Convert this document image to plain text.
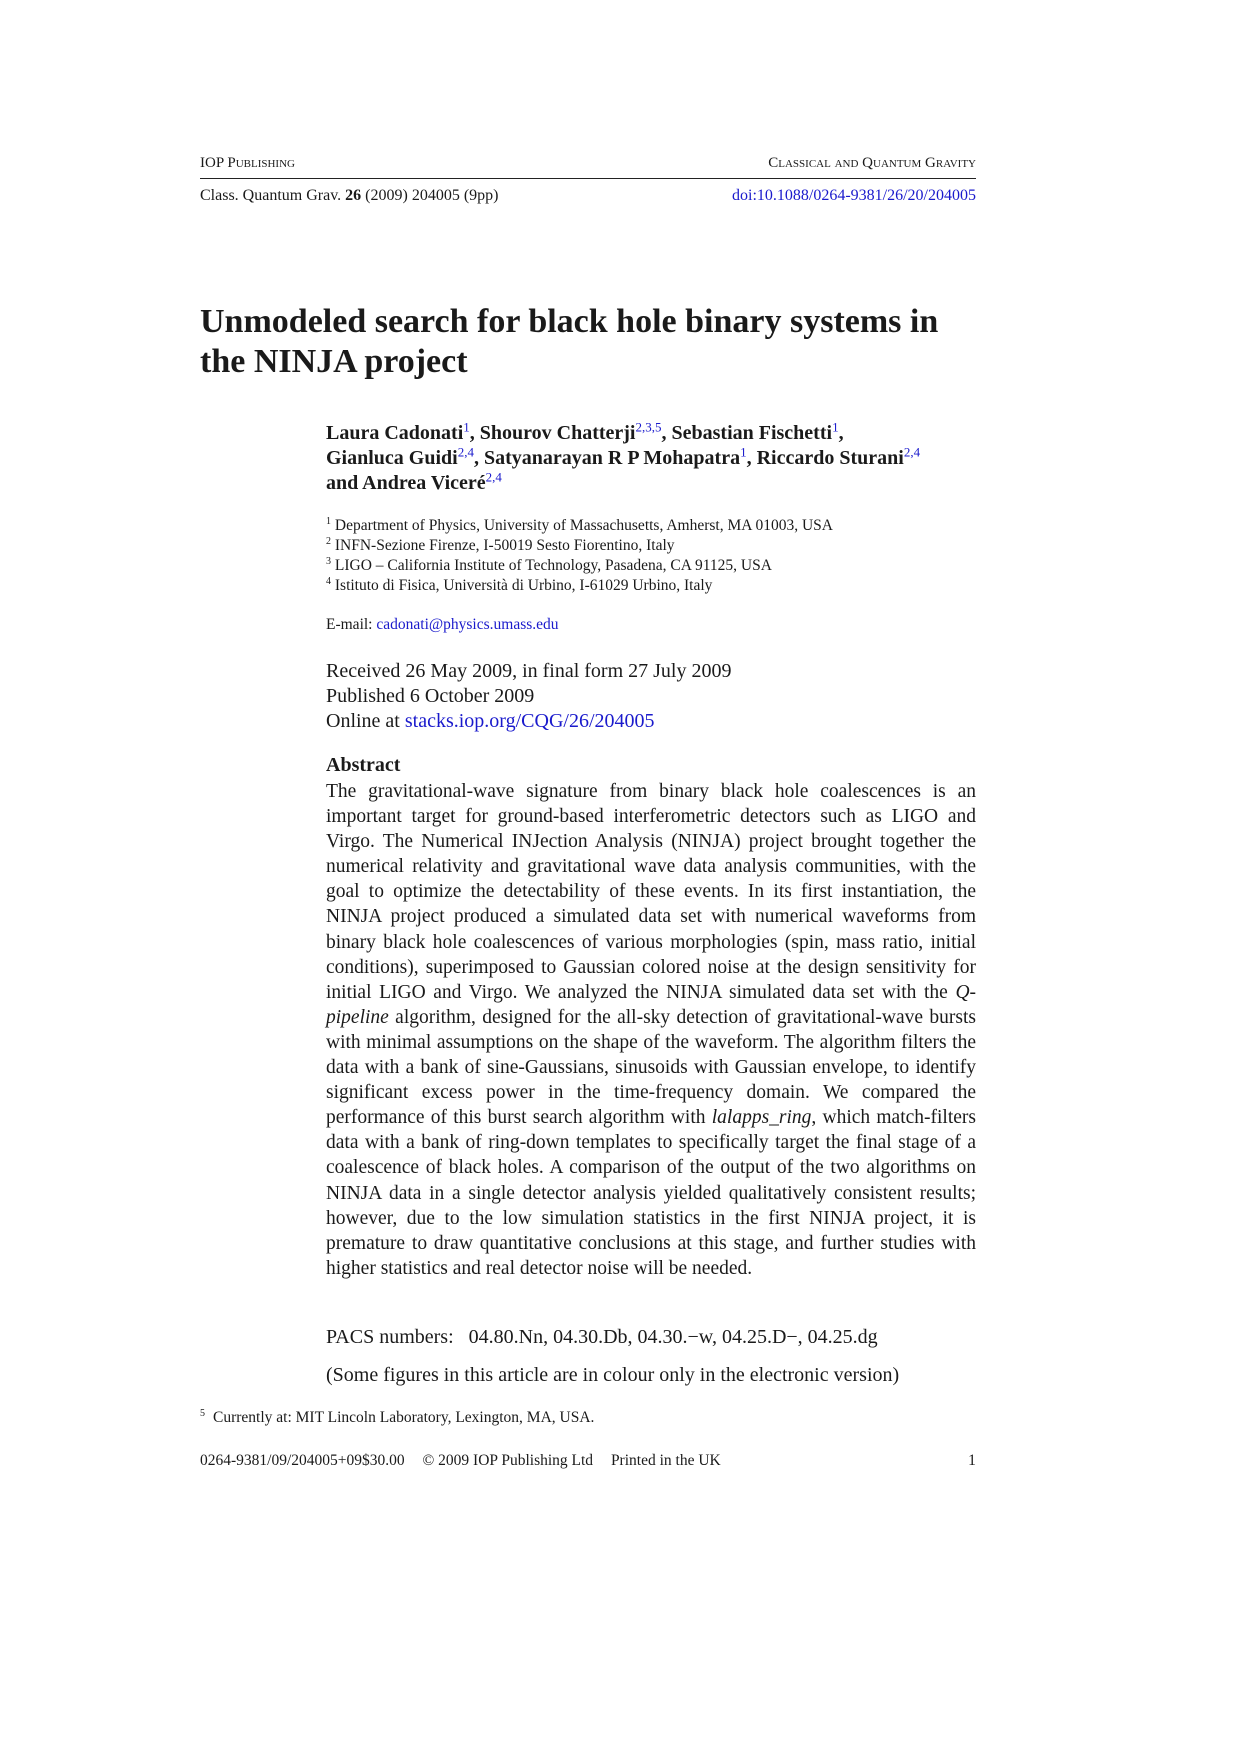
IOP Publishing	Classical and Quantum Gravity
Class. Quantum Grav. 26 (2009) 204005 (9pp)	doi:10.1088/0264-9381/26/20/204005
Unmodeled search for black hole binary systems in the NINJA project
Laura Cadonati$^1$, Shourov Chatterji$^{2,3,5}$, Sebastian Fischetti$^1$,
Gianluca Guidi$^{2,4}$, Satyanarayan R P Mohapatra$^1$, Riccardo Sturani$^{2,4}$
and Andrea Viceré$^{2,4}$
$^1$ Department of Physics, University of Massachusetts, Amherst, MA 01003, USA
$^2$ INFN-Sezione Firenze, I-50019 Sesto Fiorentino, Italy
$^3$ LIGO – California Institute of Technology, Pasadena, CA 91125, USA
$^4$ Istituto di Fisica, Università di Urbino, I-61029 Urbino, Italy
E-mail: cadonati@physics.umass.edu
Received 26 May 2009, in final form 27 July 2009
Published 6 October 2009
Online at stacks.iop.org/CQG/26/204005
Abstract

The gravitational-wave signature from binary black hole coalescences is an important target for ground-based interferometric detectors such as LIGO and Virgo. The Numerical INJection Analysis (NINJA) project brought together the numerical relativity and gravitational wave data analysis communities, with the goal to optimize the detectability of these events. In its first instantiation, the NINJA project produced a simulated data set with numerical waveforms from binary black hole coalescences of various morphologies (spin, mass ratio, initial conditions), superimposed to Gaussian colored noise at the design sensitivity for initial LIGO and Virgo. We analyzed the NINJA simulated data set with the Q-pipeline algorithm, designed for the all-sky detection of gravitational-wave bursts with minimal assumptions on the shape of the waveform. The algorithm filters the data with a bank of sine-Gaussians, sinusoids with Gaussian envelope, to identify significant excess power in the time-frequency domain. We compared the performance of this burst search algorithm with lalapps_ring, which match-filters data with a bank of ring-down templates to specifically target the final stage of a coalescence of black holes. A comparison of the output of the two algorithms on NINJA data in a single detector analysis yielded qualitatively consistent results; however, due to the low simulation statistics in the first NINJA project, it is premature to draw quantitative conclusions at this stage, and further studies with higher statistics and real detector noise will be needed.

PACS numbers:   04.80.Nn, 04.30.Db, 04.30.−w, 04.25.D−, 04.25.dg
(Some figures in this article are in colour only in the electronic version)
$^5$ Currently at: MIT Lincoln Laboratory, Lexington, MA, USA.
0264-9381/09/204005+09$30.00 © 2009 IOP Publishing Ltd Printed in the UK	1
